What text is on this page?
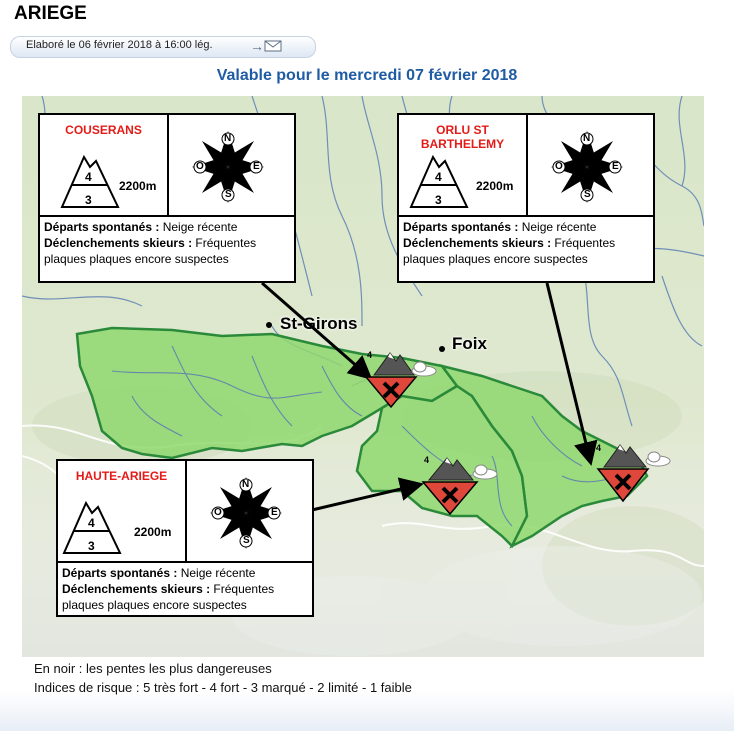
ARIEGE
Elaboré le 06 février 2018 à 16:00 lég.	→
Valable pour le mercredi 07 février 2018
St-Girons
Foix
4
4
4
COUSERANS
4
3
2200m
N
S
O	E
Départs spontanés : Neige récente
Déclenchements skieurs : Fréquentes plaques plaques encore suspectes
ORLU ST BARTHELEMY
4
3
2200m
N
S
O	E
Départs spontanés : Neige récente
Déclenchements skieurs : Fréquentes plaques plaques encore suspectes
HAUTE-ARIEGE
4
3
2200m
N
S
O	E
Départs spontanés : Neige récente
Déclenchements skieurs : Fréquentes plaques plaques encore suspectes
En noir : les pentes les plus dangereuses
Indices de risque : 5 très fort - 4 fort - 3 marqué - 2 limité - 1 faible
